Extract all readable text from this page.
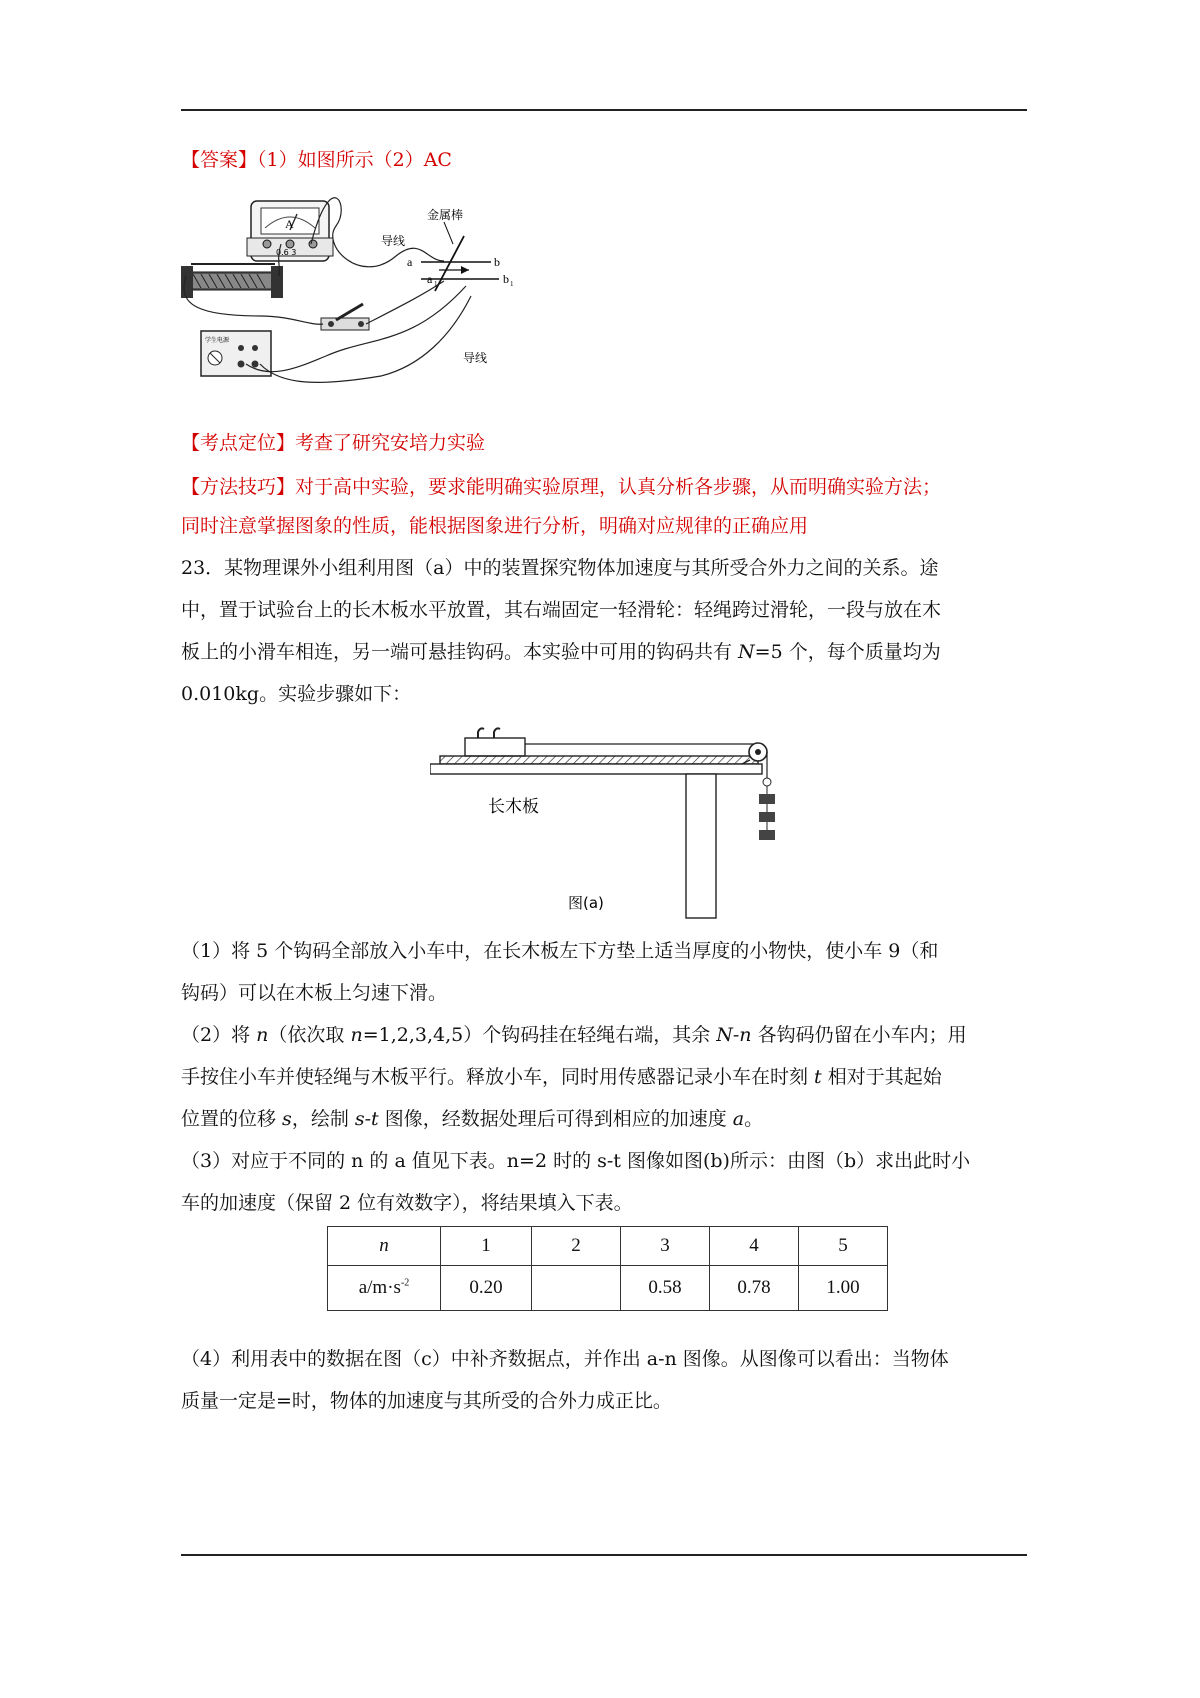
【答案】（1）如图所示（2）AC
A
0.6 3
学生电源
金属棒
a	b
a 1	b 1
导线
导线
【考点定位】考查了研究安培力实验
【方法技巧】对于高中实验，要求能明确实验原理，认真分析各步骤，从而明确实验方法；
同时注意掌握图象的性质，能根据图象进行分析，明确对应规律的正确应用
23．某物理课外小组利用图（a）中的装置探究物体加速度与其所受合外力之间的关系。途
中，置于试验台上的长木板水平放置，其右端固定一轻滑轮：轻绳跨过滑轮，一段与放在木
板上的小滑车相连，另一端可悬挂钩码。本实验中可用的钩码共有 N=5 个，每个质量均为
0.010kg。实验步骤如下：
长木板
图(a)
（1）将 5 个钩码全部放入小车中，在长木板左下方垫上适当厚度的小物快，使小车 9（和
钩码）可以在木板上匀速下滑。
（2）将 n（依次取 n=1,2,3,4,5）个钩码挂在轻绳右端，其余 N-n 各钩码仍留在小车内；用
手按住小车并使轻绳与木板平行。释放小车，同时用传感器记录小车在时刻 t 相对于其起始
位置的位移 s，绘制 s-t 图像，经数据处理后可得到相应的加速度 a。
（3）对应于不同的 n 的 a 值见下表。n=2 时的 s-t 图像如图(b)所示：由图（b）求出此时小
车的加速度（保留 2 位有效数字），将结果填入下表。
n	1	2	3	4	5
$a/m\cdot s^{-2}$	0.20		0.58	0.78	1.00
（4）利用表中的数据在图（c）中补齐数据点，并作出 a-n 图像。从图像可以看出：当物体
质量一定是=时，物体的加速度与其所受的合外力成正比。
